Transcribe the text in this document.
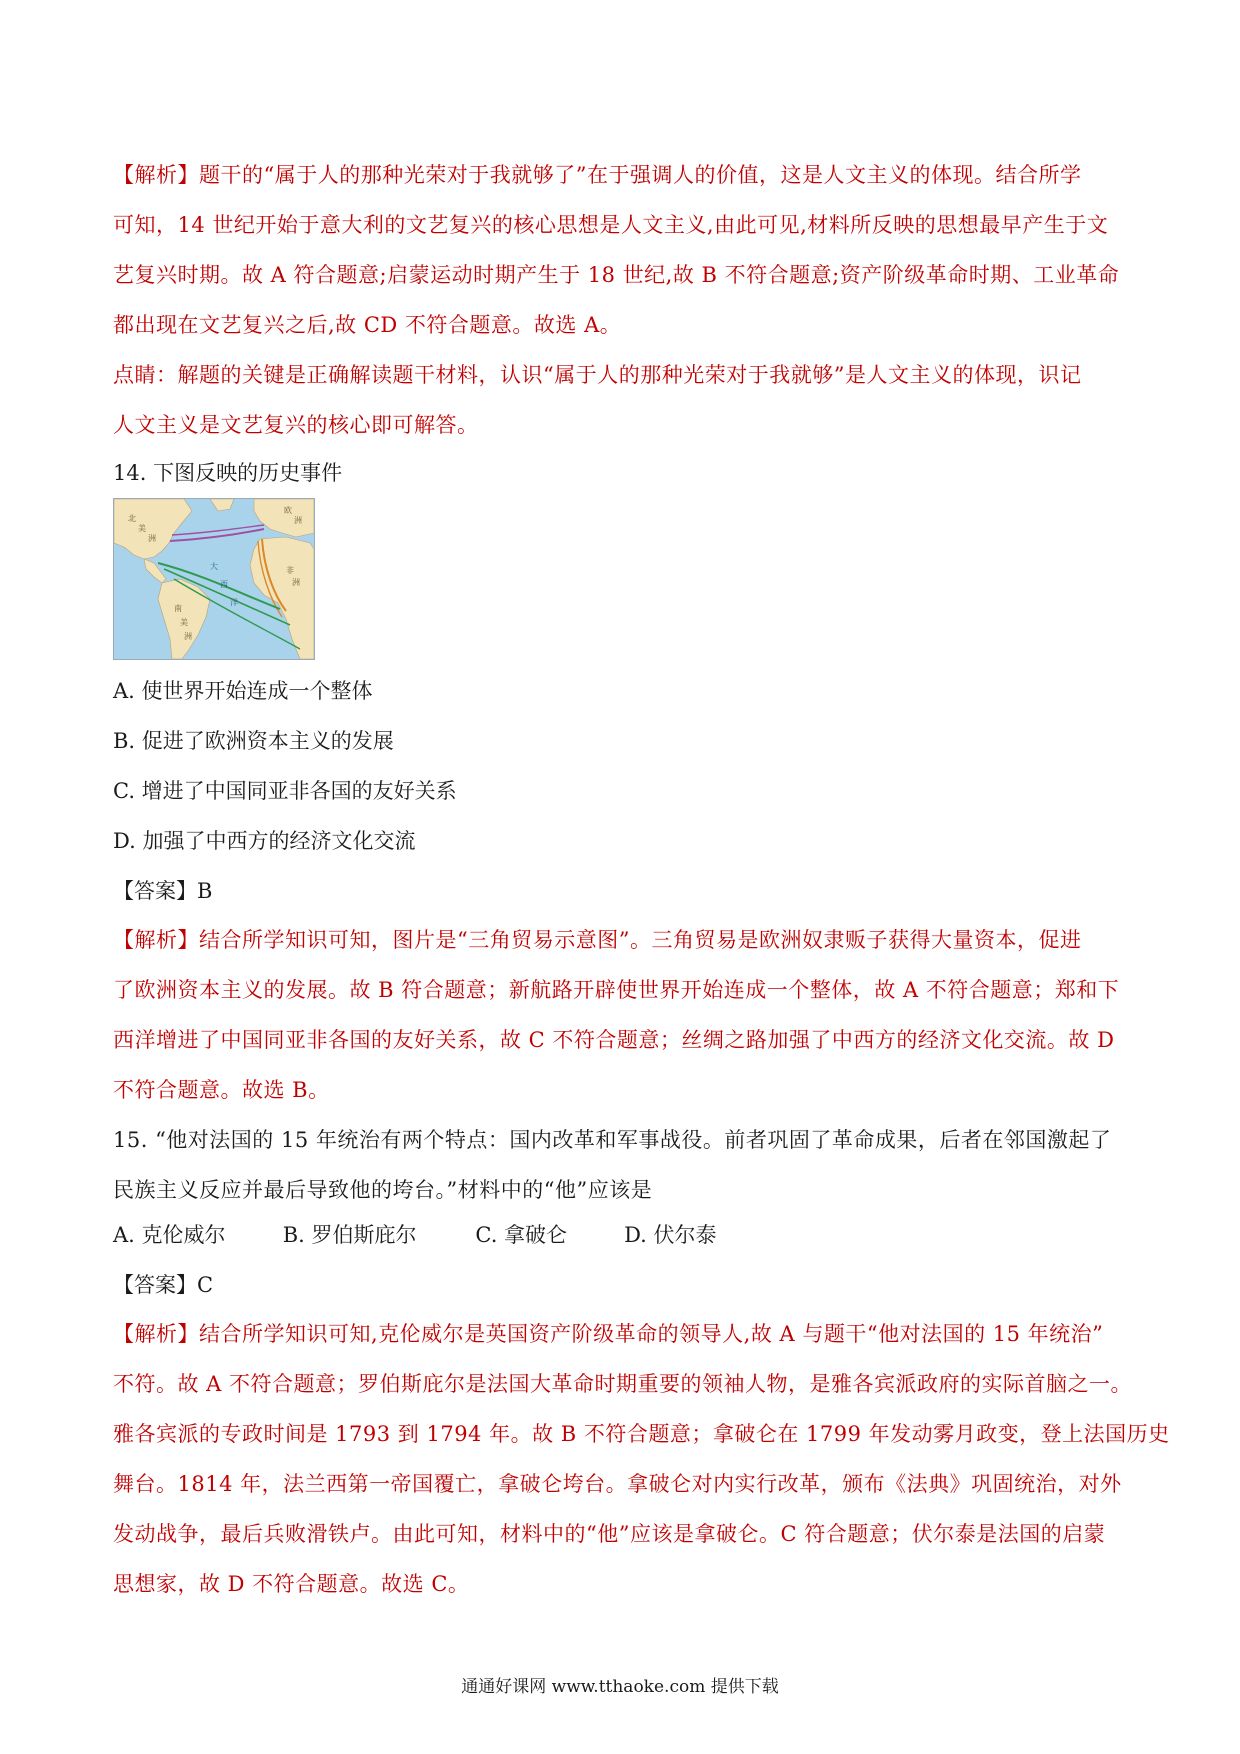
【解析】题干的“属于人的那种光荣对于我就够了”在于强调人的价值，这是人文主义的体现。结合所学
可知，14 世纪开始于意大利的文艺复兴的核心思想是人文主义,由此可见,材料所反映的思想最早产生于文
艺复兴时期。故 A 符合题意;启蒙运动时期产生于 18 世纪,故 B 不符合题意;资产阶级革命时期、工业革命
都出现在文艺复兴之后,故 CD 不符合题意。故选 A。
点睛：解题的关键是正确解读题干材料，认识“属于人的那种光荣对于我就够”是人文主义的体现，识记
人文主义是文艺复兴的核心即可解答。
14. 下图反映的历史事件
北
美
洲
大
西
洋
南
美
洲
非
洲
欧
洲
A. 使世界开始连成一个整体
B. 促进了欧洲资本主义的发展
C. 增进了中国同亚非各国的友好关系
D. 加强了中西方的经济文化交流
【答案】B
【解析】结合所学知识可知，图片是“三角贸易示意图”。三角贸易是欧洲奴隶贩子获得大量资本，促进
了欧洲资本主义的发展。故 B 符合题意；新航路开辟使世界开始连成一个整体，故 A 不符合题意；郑和下
西洋增进了中国同亚非各国的友好关系，故 C 不符合题意；丝绸之路加强了中西方的经济文化交流。故 D
不符合题意。故选 B。
15. “他对法国的 15 年统治有两个特点：国内改革和军事战役。前者巩固了革命成果，后者在邻国激起了
民族主义反应并最后导致他的垮台。”材料中的“他”应该是
A. 克伦威尔	B. 罗伯斯庇尔	C. 拿破仑	D. 伏尔泰
【答案】C
【解析】结合所学知识可知,克伦威尔是英国资产阶级革命的领导人,故 A 与题干“他对法国的 15 年统治”
不符。故 A 不符合题意；罗伯斯庇尔是法国大革命时期重要的领袖人物，是雅各宾派政府的实际首脑之一。
雅各宾派的专政时间是 1793 到 1794 年。故 B 不符合题意；拿破仑在 1799 年发动雾月政变，登上法国历史
舞台。1814 年，法兰西第一帝国覆亡，拿破仑垮台。拿破仑对内实行改革，颁布《法典》巩固统治，对外
发动战争，最后兵败滑铁卢。由此可知，材料中的“他”应该是拿破仑。C 符合题意；伏尔泰是法国的启蒙
思想家，故 D 不符合题意。故选 C。
通通好课网 www.tthaoke.com 提供下载
